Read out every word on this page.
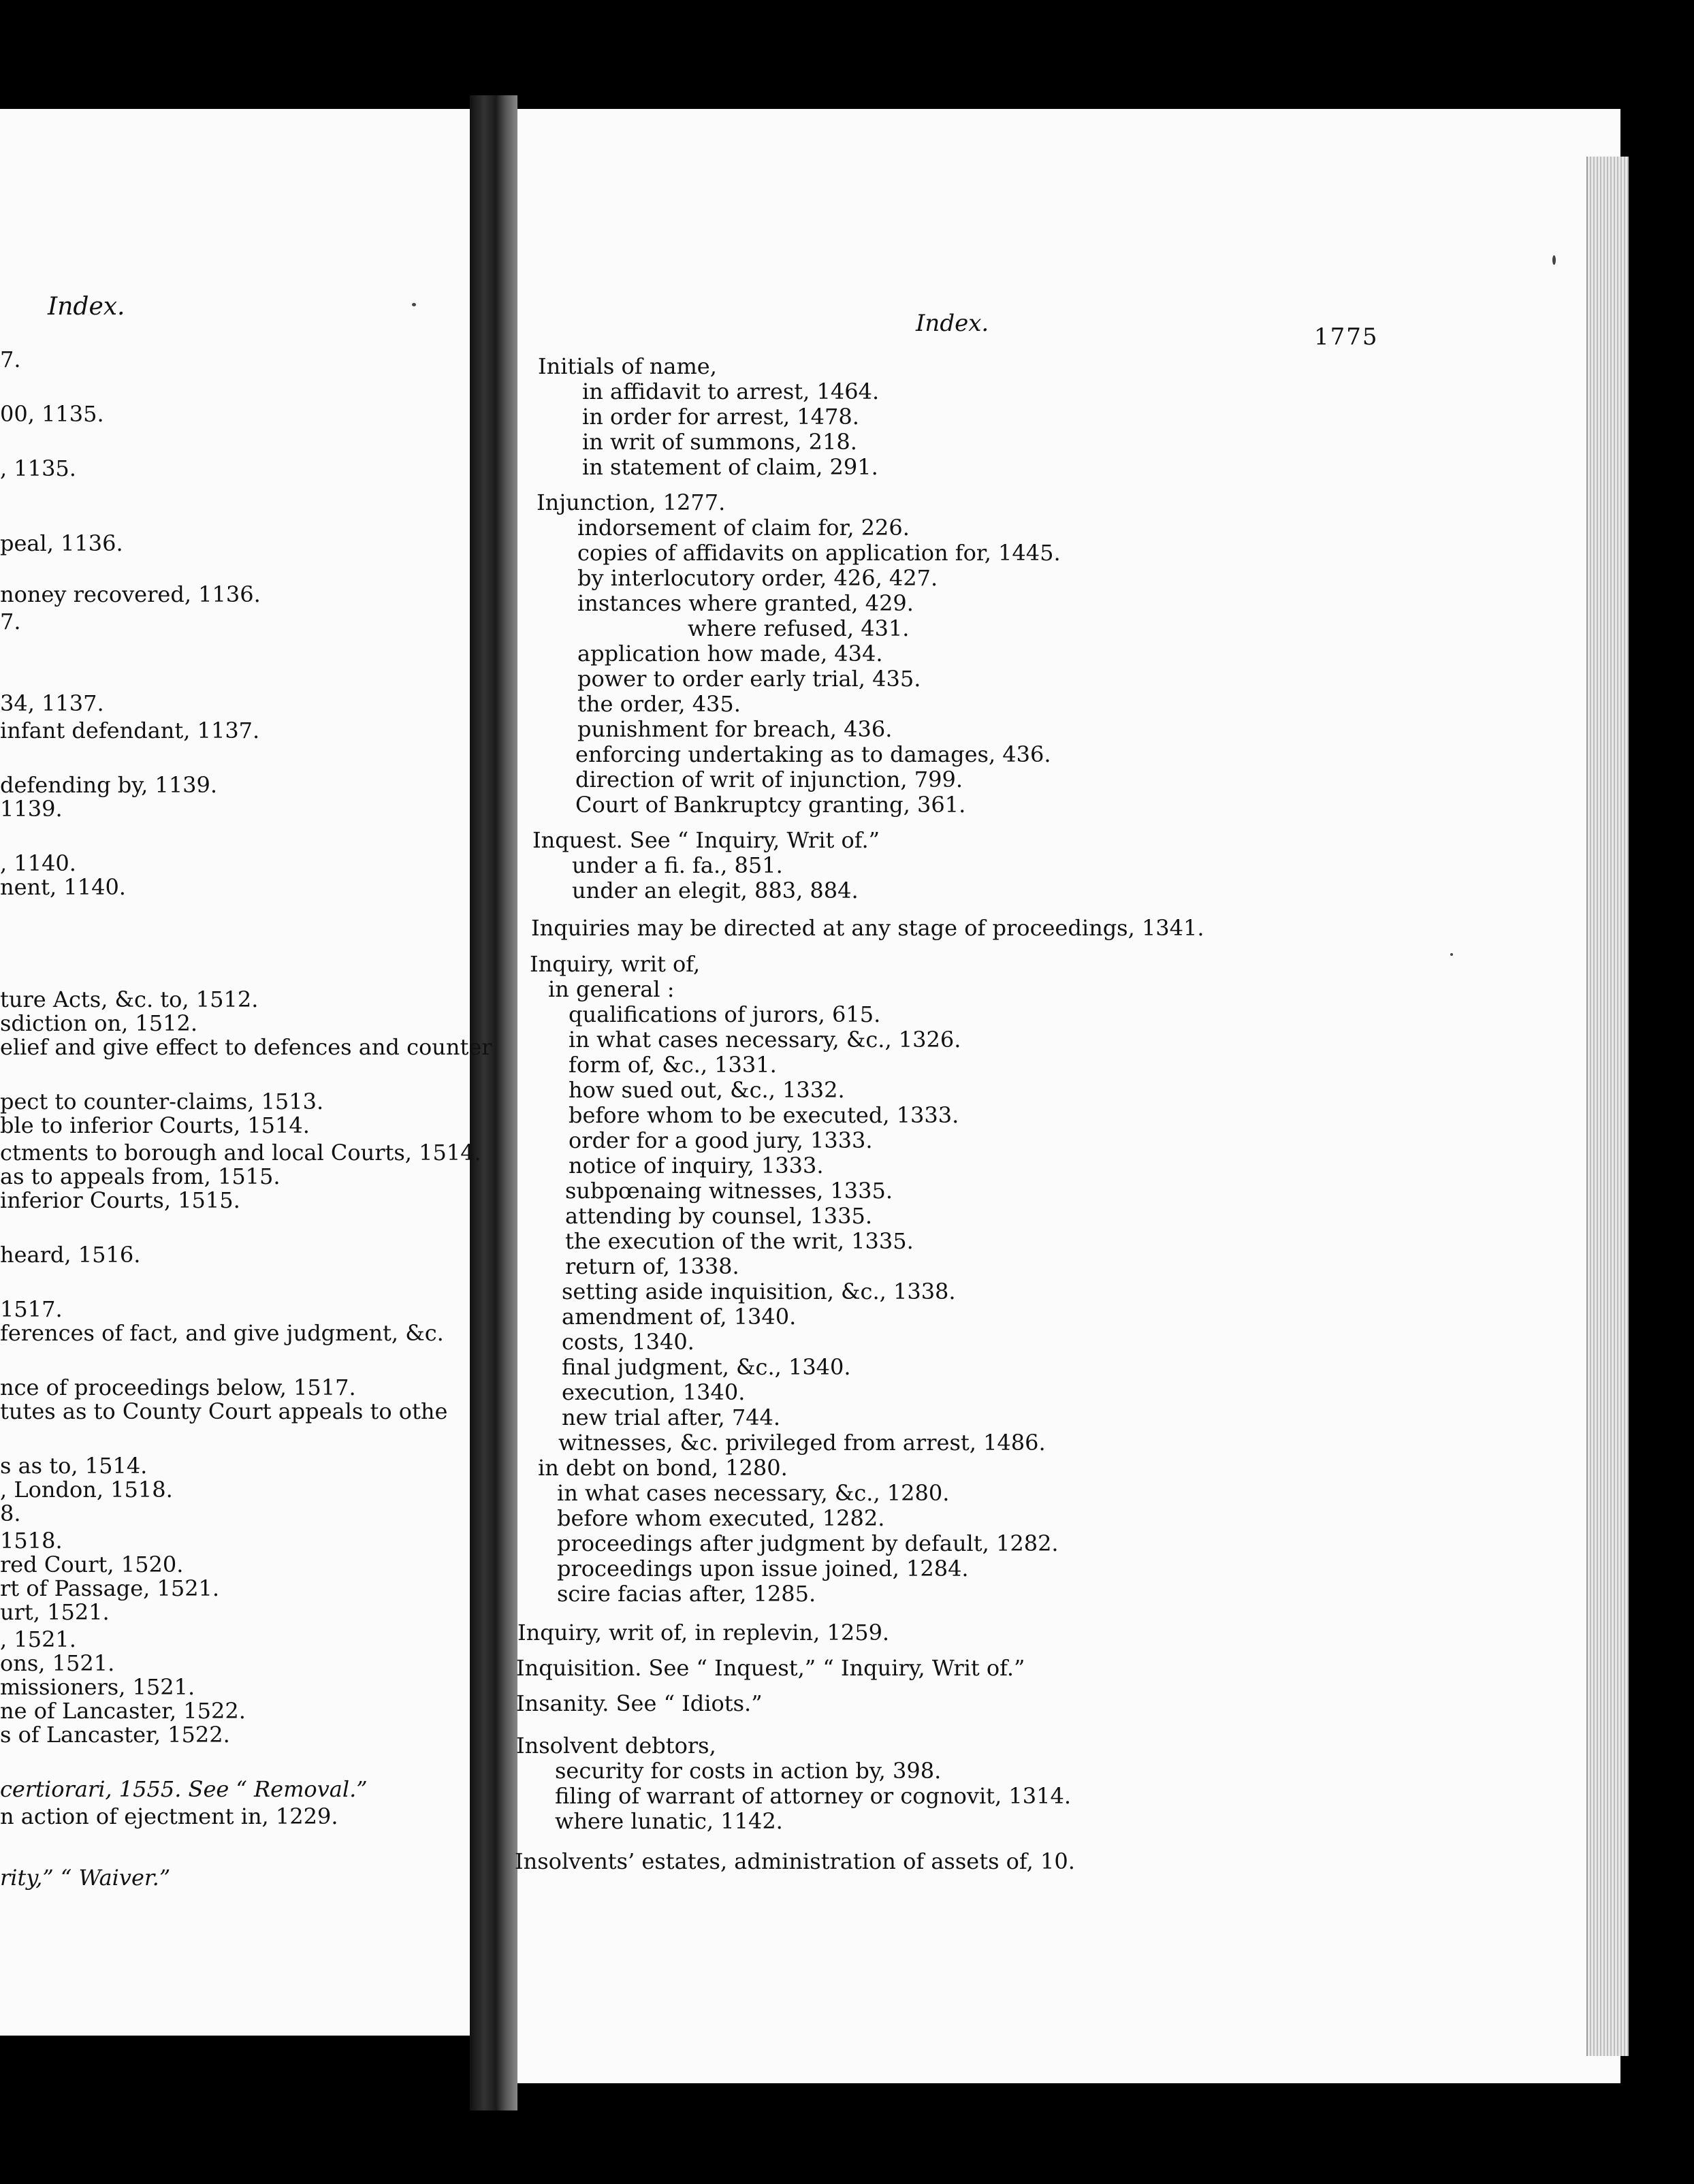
Index.
Index.	1775
7.
00, 1135.
, 1135.
peal, 1136.
noney recovered, 1136.
7.
34, 1137.
infant defendant, 1137.
defending by, 1139.
1139.
, 1140.
nent, 1140.
ture Acts, &c. to, 1512.
sdiction on, 1512.
elief and give effect to defences and counter
pect to counter-claims, 1513.
ble to inferior Courts, 1514.
ctments to borough and local Courts, 1514.
as to appeals from, 1515.
inferior Courts, 1515.
heard, 1516.
1517.
ferences of fact, and give judgment, &c.
nce of proceedings below, 1517.
tutes as to County Court appeals to othe
s as to, 1514.
, London, 1518.
8.
1518.
red Court, 1520.
rt of Passage, 1521.
urt, 1521.
, 1521.
ons, 1521.
missioners, 1521.
ne of Lancaster, 1522.
s of Lancaster, 1522.
certiorari, 1555. See “ Removal.”
n action of ejectment in, 1229.
rity,” “ Waiver.”
Initials of name,
in affidavit to arrest, 1464.
in order for arrest, 1478.
in writ of summons, 218.
in statement of claim, 291.
Injunction, 1277.
indorsement of claim for, 226.
copies of affidavits on application for, 1445.
by interlocutory order, 426, 427.
instances where granted, 429.
where refused, 431.
application how made, 434.
power to order early trial, 435.
the order, 435.
punishment for breach, 436.
enforcing undertaking as to damages, 436.
direction of writ of injunction, 799.
Court of Bankruptcy granting, 361.
Inquest. See “ Inquiry, Writ of.”
under a fi. fa., 851.
under an elegit, 883, 884.
Inquiries may be directed at any stage of proceedings, 1341.
Inquiry, writ of,
in general :
qualifications of jurors, 615.
in what cases necessary, &c., 1326.
form of, &c., 1331.
how sued out, &c., 1332.
before whom to be executed, 1333.
order for a good jury, 1333.
notice of inquiry, 1333.
subpœnaing witnesses, 1335.
attending by counsel, 1335.
the execution of the writ, 1335.
return of, 1338.
setting aside inquisition, &c., 1338.
amendment of, 1340.
costs, 1340.
final judgment, &c., 1340.
execution, 1340.
new trial after, 744.
witnesses, &c. privileged from arrest, 1486.
in debt on bond, 1280.
in what cases necessary, &c., 1280.
before whom executed, 1282.
proceedings after judgment by default, 1282.
proceedings upon issue joined, 1284.
scire facias after, 1285.
Inquiry, writ of, in replevin, 1259.
Inquisition. See “ Inquest,” “ Inquiry, Writ of.”
Insanity. See “ Idiots.”
Insolvent debtors,
security for costs in action by, 398.
filing of warrant of attorney or cognovit, 1314.
where lunatic, 1142.
Insolvents’ estates, administration of assets of, 10.
